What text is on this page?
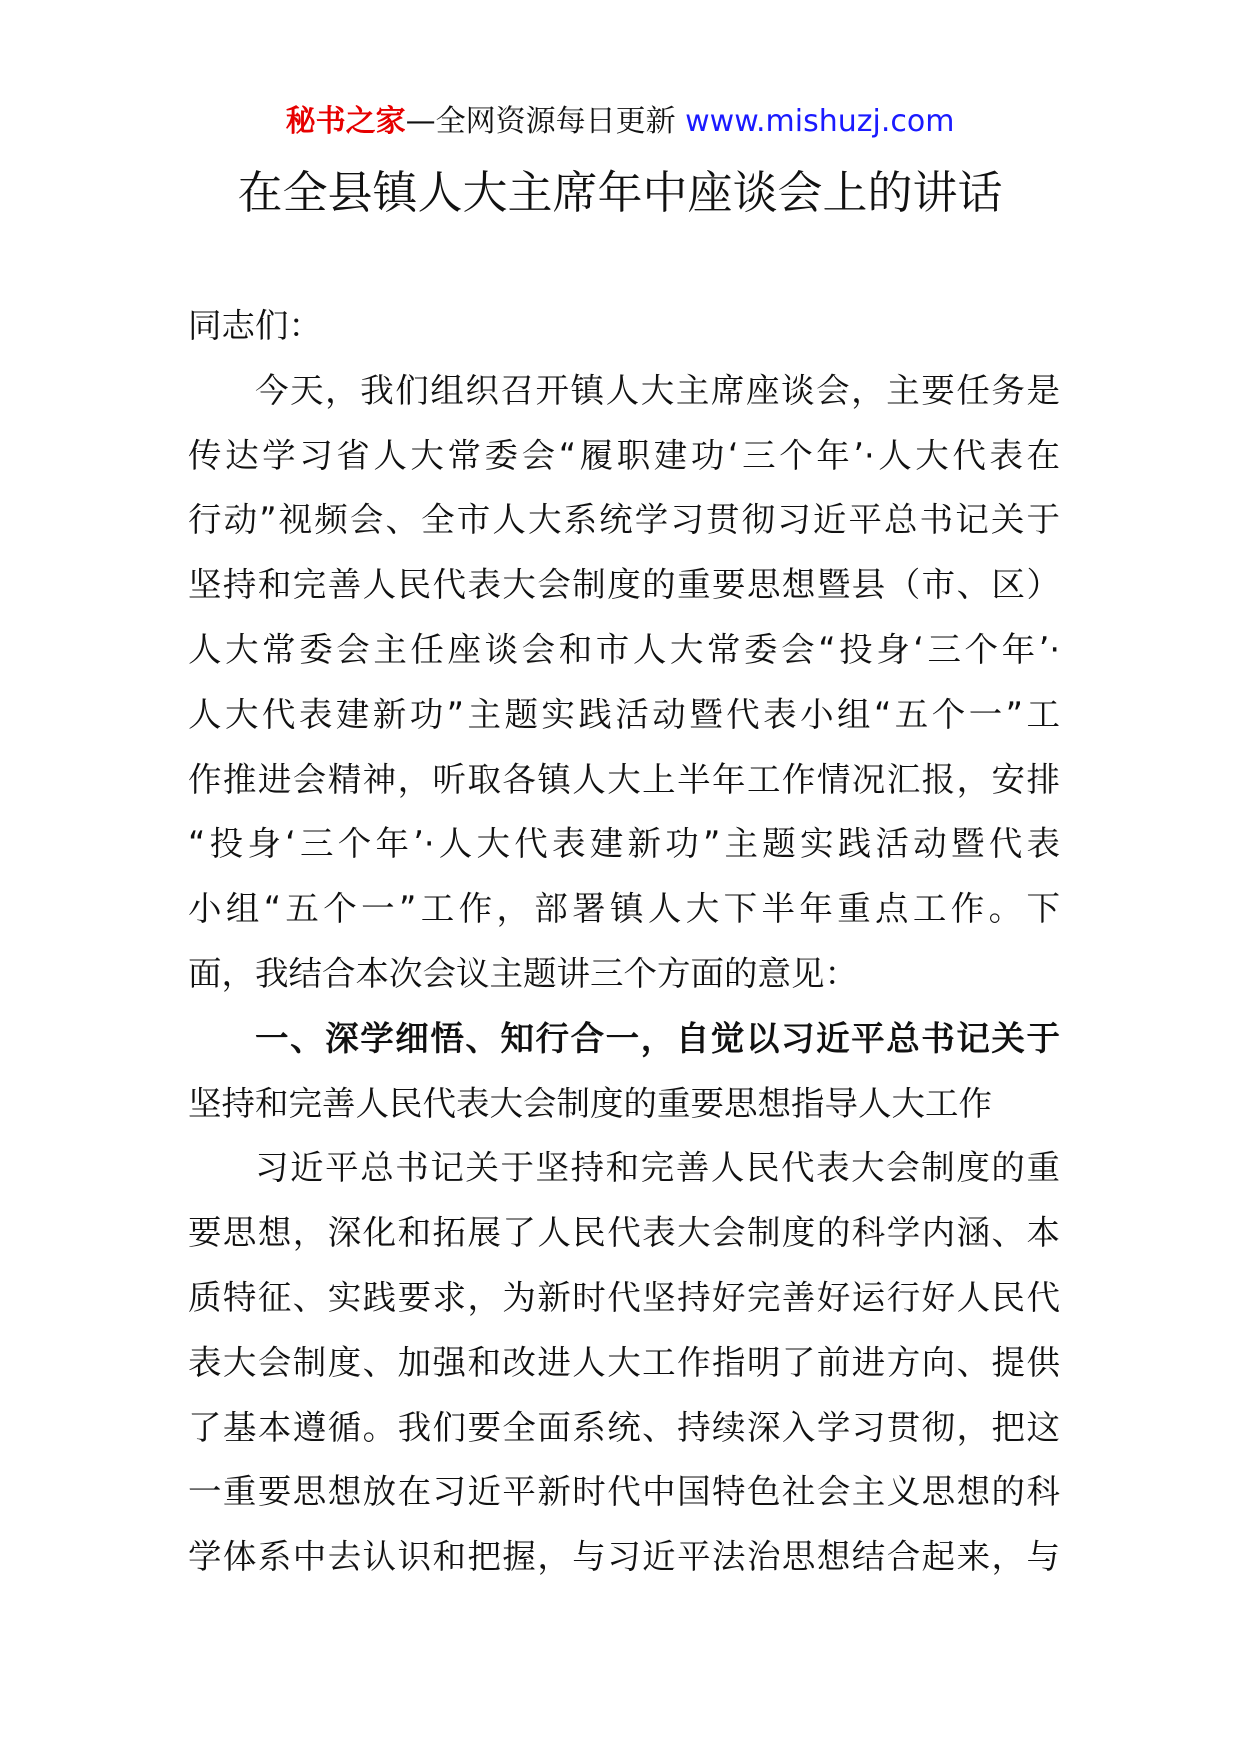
秘书之家—全网资源每日更新 www.mishuzj.com
在全县镇人大主席年中座谈会上的讲话
同志们：
今天，我们组织召开镇人大主席座谈会，主要任务是
传达学习省人大常委会“履职建功‘三个年’·人大代表在
行动”视频会、全市人大系统学习贯彻习近平总书记关于
坚持和完善人民代表大会制度的重要思想暨县（市、区）
人大常委会主任座谈会和市人大常委会“投身‘三个年’·
人大代表建新功”主题实践活动暨代表小组“五个一”工
作推进会精神，听取各镇人大上半年工作情况汇报，安排
“投身‘三个年’·人大代表建新功”主题实践活动暨代表
小组“五个一”工作，部署镇人大下半年重点工作。下
面，我结合本次会议主题讲三个方面的意见：
一、深学细悟、知行合一，自觉以习近平总书记关于
坚持和完善人民代表大会制度的重要思想指导人大工作
习近平总书记关于坚持和完善人民代表大会制度的重
要思想，深化和拓展了人民代表大会制度的科学内涵、本
质特征、实践要求，为新时代坚持好完善好运行好人民代
表大会制度、加强和改进人大工作指明了前进方向、提供
了基本遵循。我们要全面系统、持续深入学习贯彻，把这
一重要思想放在习近平新时代中国特色社会主义思想的科
学体系中去认识和把握，与习近平法治思想结合起来，与
